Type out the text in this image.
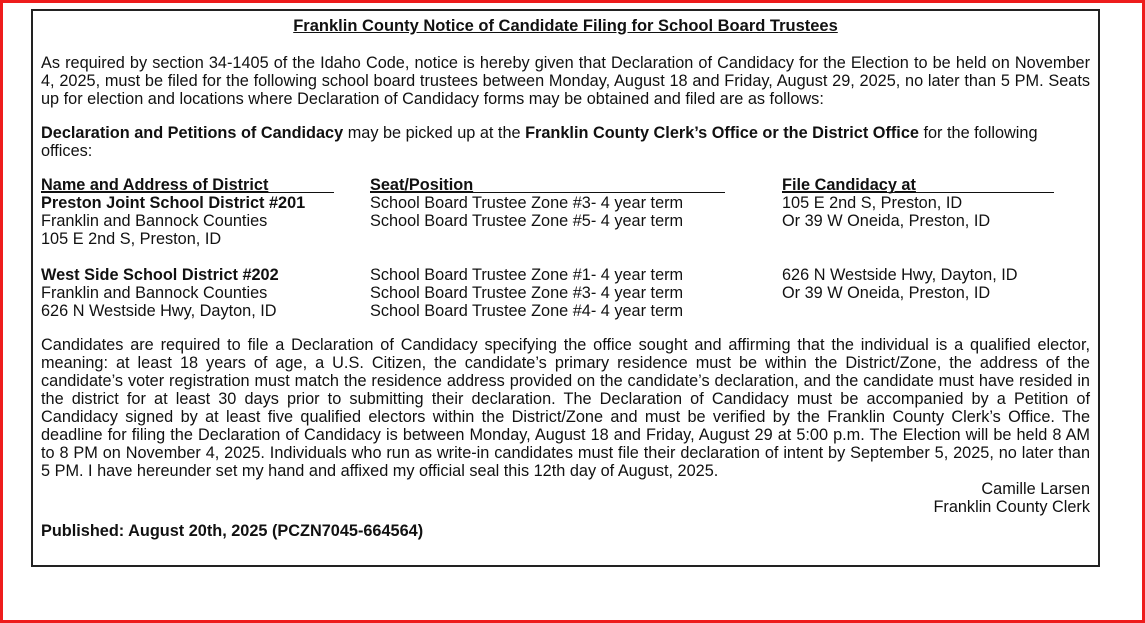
Franklin County Notice of Candidate Filing for School Board Trustees

As required by section 34-1405 of the Idaho Code, notice is hereby given that Declaration of Candidacy for the Election to be held on November 4, 2025, must be filed for the following school board trustees between Monday, August 18 and Friday, August 29, 2025, no later than 5 PM. Seats up for election and locations where Declaration of Candidacy forms may be obtained and filed are as follows:

Declaration and Petitions of Candidacy may be picked up at the Franklin County Clerk’s Office or the District Office for the following offices:

Name and Address of District
Preston Joint School District #201
Franklin and Bannock Counties
105 E 2nd S, Preston, ID
West Side School District #202
Franklin and Bannock Counties
626 N Westside Hwy, Dayton, ID
Seat/Position
School Board Trustee Zone #3- 4 year term
School Board Trustee Zone #5- 4 year term
School Board Trustee Zone #1- 4 year term
School Board Trustee Zone #3- 4 year term
School Board Trustee Zone #4- 4 year term
File Candidacy at
105 E 2nd S, Preston, ID
Or 39 W Oneida, Preston, ID
626 N Westside Hwy, Dayton, ID
Or 39 W Oneida, Preston, ID

Candidates are required to file a Declaration of Candidacy specifying the office sought and affirming that the individual is a qualified elector, meaning: at least 18 years of age, a U.S. Citizen, the candidate’s primary residence must be within the District/Zone, the address of the candidate’s voter registration must match the residence address provided on the candidate’s declaration, and the candidate must have resided in the district for at least 30 days prior to submitting their declaration. The Declaration of Candidacy must be accompanied by a Petition of Candidacy signed by at least five qualified electors within the District/Zone and must be verified by the Franklin County Clerk’s Office. The deadline for filing the Declaration of Candidacy is between Monday, August 18 and Friday, August 29 at 5:00 p.m. The Election will be held 8 AM to 8 PM on November 4, 2025. Individuals who run as write-in candidates must file their declaration of intent by September 5, 2025, no later than 5 PM. I have hereunder set my hand and affixed my official seal this 12th day of August, 2025.

Camille Larsen
Franklin County Clerk
Published: August 20th, 2025 (PCZN7045-664564)
